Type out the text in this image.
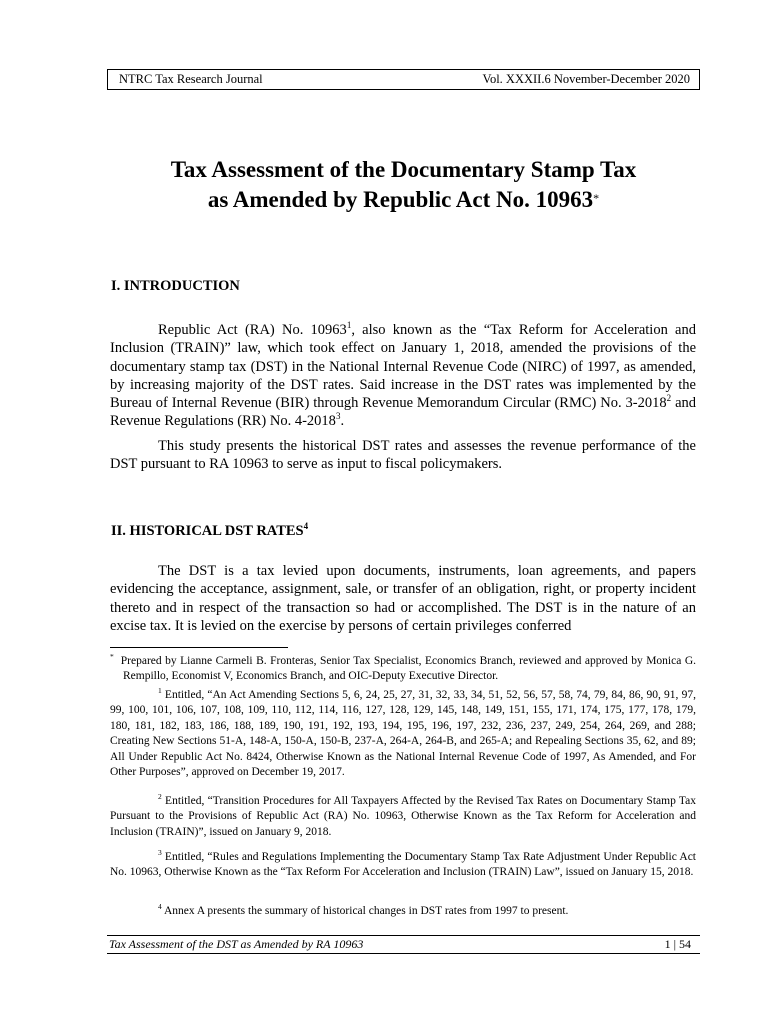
NTRC Tax Research Journal	Vol. XXXII.6 November-December 2020
Tax Assessment of the Documentary Stamp Tax
as Amended by Republic Act No. 10963*
I. INTRODUCTION

Republic Act (RA) No. 10963$^1$, also known as the “Tax Reform for Acceleration and Inclusion (TRAIN)” law, which took effect on January 1, 2018, amended the provisions of the documentary stamp tax (DST) in the National Internal Revenue Code (NIRC) of 1997, as amended, by increasing majority of the DST rates. Said increase in the DST rates was implemented by the Bureau of Internal Revenue (BIR) through Revenue Memorandum Circular (RMC) No. 3-2018$^2$ and Revenue Regulations (RR) No. 4-2018$^3$.

This study presents the historical DST rates and assesses the revenue performance of the DST pursuant to RA 10963 to serve as input to fiscal policymakers.

II. HISTORICAL DST RATES$^4$

The DST is a tax levied upon documents, instruments, loan agreements, and papers evidencing the acceptance, assignment, sale, or transfer of an obligation, right, or property incident thereto and in respect of the transaction so had or accomplished. The DST is in the nature of an excise tax. It is levied on the exercise by persons of certain privileges conferred

* Prepared by Lianne Carmeli B. Fronteras, Senior Tax Specialist, Economics Branch, reviewed and approved by Monica G. Rempillo, Economist V, Economics Branch, and OIC-Deputy Executive Director.

$^1$ Entitled, “An Act Amending Sections 5, 6, 24, 25, 27, 31, 32, 33, 34, 51, 52, 56, 57, 58, 74, 79, 84, 86, 90, 91, 97, 99, 100, 101, 106, 107, 108, 109, 110, 112, 114, 116, 127, 128, 129, 145, 148, 149, 151, 155, 171, 174, 175, 177, 178, 179, 180, 181, 182, 183, 186, 188, 189, 190, 191, 192, 193, 194, 195, 196, 197, 232, 236, 237, 249, 254, 264, 269, and 288; Creating New Sections 51-A, 148-A, 150-A, 150-B, 237-A, 264-A, 264-B, and 265-A; and Repealing Sections 35, 62, and 89; All Under Republic Act No. 8424, Otherwise Known as the National Internal Revenue Code of 1997, As Amended, and For Other Purposes”, approved on December 19, 2017.

$^2$ Entitled, “Transition Procedures for All Taxpayers Affected by the Revised Tax Rates on Documentary Stamp Tax Pursuant to the Provisions of Republic Act (RA) No. 10963, Otherwise Known as the Tax Reform for Acceleration and Inclusion (TRAIN)”, issued on January 9, 2018.

$^3$ Entitled, “Rules and Regulations Implementing the Documentary Stamp Tax Rate Adjustment Under Republic Act No. 10963, Otherwise Known as the “Tax Reform For Acceleration and Inclusion (TRAIN) Law”, issued on January 15, 2018.

$^4$ Annex A presents the summary of historical changes in DST rates from 1997 to present.

Tax Assessment of the DST as Amended by RA 10963	1 | 54
